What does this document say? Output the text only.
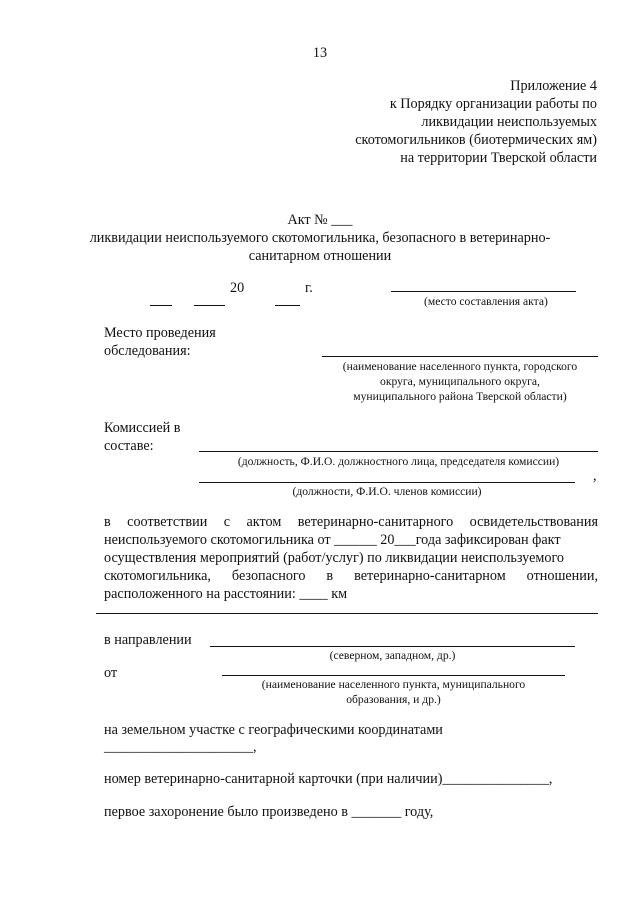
13
Приложение 4
к Порядку организации работы по
ликвидации неиспользуемых
скотомогильников (биотермических ям)
на территории Тверской области
Акт № ___
ликвидации неиспользуемого скотомогильника, безопасного в ветеринарно-
санитарном отношении
20	г.
(место составления акта)
Место проведения
обследования:
(наименование населенного пункта, городского
округа, муниципального округа,
муниципального района Тверской области)
Комиссией в
составе:
(должность, Ф.И.О. должностного лица, председателя комиссии)
,
(должности, Ф.И.О. членов комиссии)
в соответствии с актом ветеринарно-санитарного освидетельствования
неиспользуемого скотомогильника от ______ 20___года зафиксирован факт
осуществления мероприятий (работ/услуг) по ликвидации неиспользуемого
скотомогильника, безопасного в ветеринарно-санитарном отношении,
расположенного на расстоянии: ____ км
в направлении
(северном, западном, др.)
от
(наименование населенного пункта, муниципального
образования, и др.)
на земельном участке с географическими координатами
_____________________,
номер ветеринарно-санитарной карточки (при наличии)_______________,
первое захоронение было произведено в _______ году,
